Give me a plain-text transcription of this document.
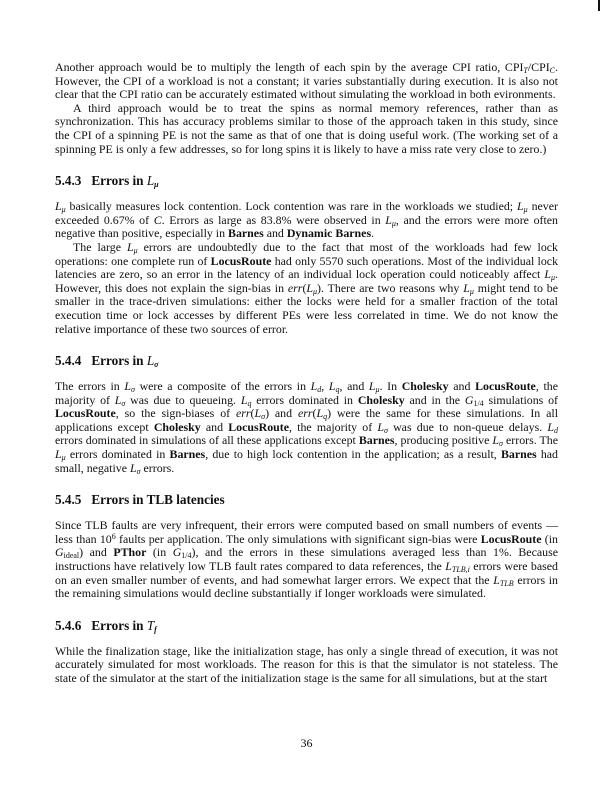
Another approach would be to multiply the length of each spin by the average CPI ratio, CPIT/CPIC. However, the CPI of a workload is not a constant; it varies substantially during execution. It is also not clear that the CPI ratio can be accurately estimated without simulating the workload in both evironments.

A third approach would be to treat the spins as normal memory references, rather than as synchronization. This has accuracy problems similar to those of the approach taken in this study, since the CPI of a spinning PE is not the same as that of one that is doing useful work. (The working set of a spinning PE is only a few addresses, so for long spins it is likely to have a miss rate very close to zero.)

5.4.3 Errors in Lμ

Lμ basically measures lock contention. Lock contention was rare in the workloads we studied; Lμ never exceeded 0.67% of C. Errors as large as 83.8% were observed in Lμ, and the errors were more often negative than positive, especially in Barnes and Dynamic Barnes.

The large Lμ errors are undoubtedly due to the fact that most of the workloads had few lock operations: one complete run of LocusRoute had only 5570 such operations. Most of the individual lock latencies are zero, so an error in the latency of an individual lock operation could noticeably affect Lμ. However, this does not explain the sign-bias in err(Lμ). There are two reasons why Lμ might tend to be smaller in the trace-driven simulations: either the locks were held for a smaller fraction of the total execution time or lock accesses by different PEs were less correlated in time. We do not know the relative importance of these two sources of error.

5.4.4 Errors in Lσ

The errors in Lσ were a composite of the errors in Ld, Lq, and Lμ. In Cholesky and LocusRoute, the majority of Lσ was due to queueing. Lq errors dominated in Cholesky and in the G1/4 simulations of LocusRoute, so the sign-biases of err(Lσ) and err(Lq) were the same for these simulations. In all applications except Cholesky and LocusRoute, the majority of Lσ was due to non-queue delays. Ld errors dominated in simulations of all these applications except Barnes, producing positive Lσ errors. The Lμ errors dominated in Barnes, due to high lock contention in the application; as a result, Barnes had small, negative Lσ errors.

5.4.5 Errors in TLB latencies

Since TLB faults are very infrequent, their errors were computed based on small numbers of events — less than $10^6$ faults per application. The only simulations with significant sign-bias were LocusRoute (in Gideal) and PThor (in G1/4), and the errors in these simulations averaged less than 1%. Because instructions have relatively low TLB fault rates compared to data references, the LTLB,i errors were based on an even smaller number of events, and had somewhat larger errors. We expect that the LTLB errors in the remaining simulations would decline substantially if longer workloads were simulated.

5.4.6 Errors in Tf

While the finalization stage, like the initialization stage, has only a single thread of execution, it was not accurately simulated for most workloads. The reason for this is that the simulator is not stateless. The state of the simulator at the start of the initialization stage is the same for all simulations, but at the start

36
